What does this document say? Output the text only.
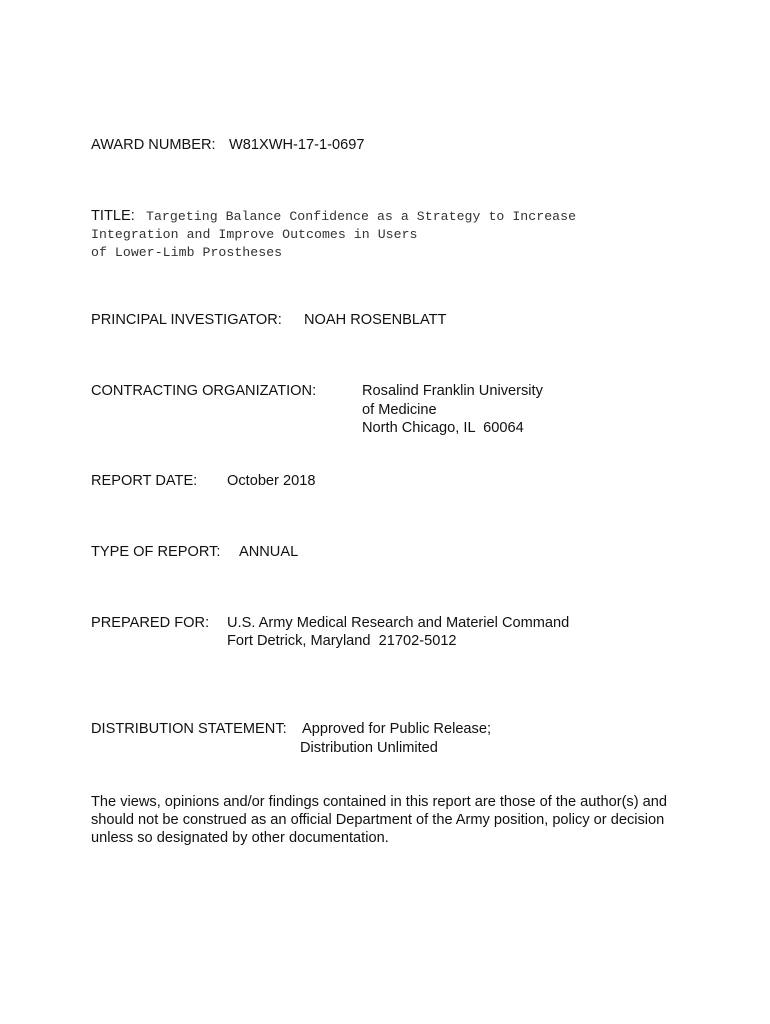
AWARD NUMBER: W81XWH-17-1-0697
TITLE: Targeting Balance Confidence as a Strategy to Increase
Integration and Improve Outcomes in Users
of Lower-Limb Prostheses
PRINCIPAL INVESTIGATOR: NOAH ROSENBLATT
CONTRACTING ORGANIZATION:	Rosalind Franklin University
of Medicine
North Chicago, IL  60064
REPORT DATE: October 2018
TYPE OF REPORT: ANNUAL
PREPARED FOR: U.S. Army Medical Research and Materiel Command
Fort Detrick, Maryland  21702-5012
DISTRIBUTION STATEMENT: Approved for Public Release;
Distribution Unlimited
The views, opinions and/or findings contained in this report are those of the author(s) and
should not be construed as an official Department of the Army position, policy or decision
unless so designated by other documentation.
